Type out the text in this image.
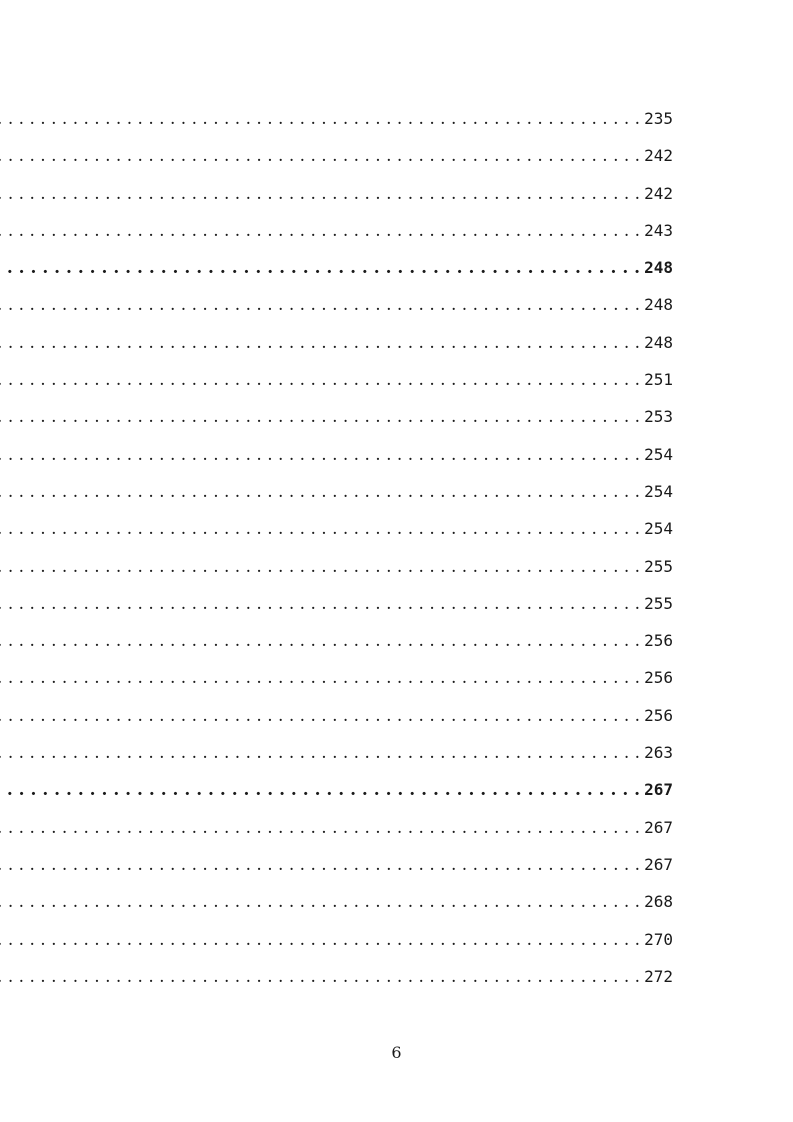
. . .
235
. . .
242
. . .
242
. . .
243
. . .
248
. . .
248
. . .
248
. . .
251
. . .
253
. . .
254
. . .
254
. . .
254
. . .
255
. . .
255
. . .
256
. . .
256
. . .
256
. . .
263
. . .
267
. . .
267
. . .
267
. . .
268
. . .
270
. . .
272
6
